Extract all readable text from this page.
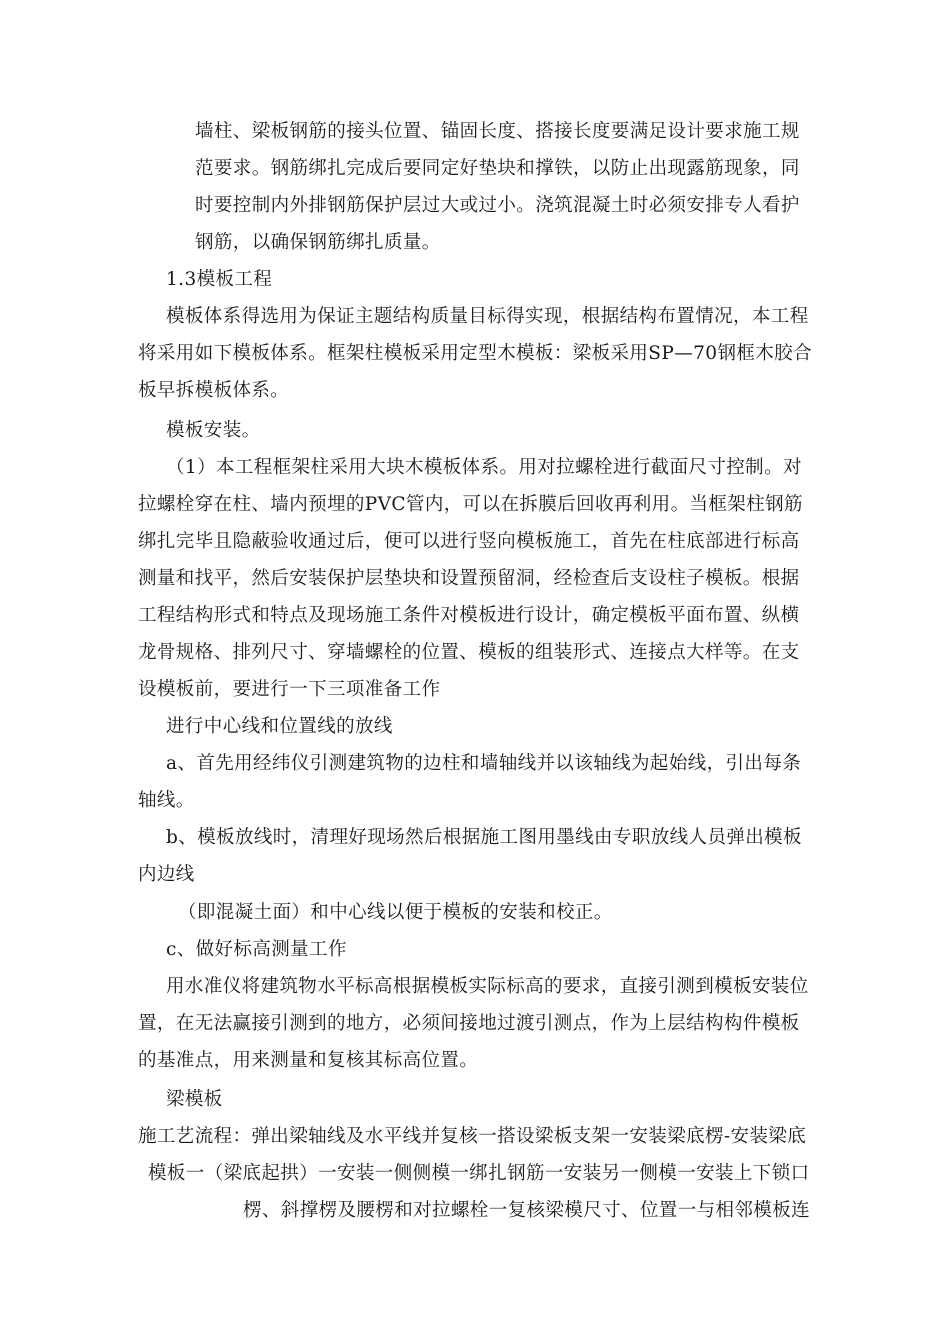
墙柱、梁板钢筋的接头位置、锚固长度、搭接长度要满足设计要求施工规
范要求。钢筋绑扎完成后要同定好垫块和撑铁，以防止出现露筋现象，同
时要控制内外排钢筋保护层过大或过小。浇筑混凝土时必须安排专人看护
钢筋，以确保钢筋绑扎质量。
1.3模板工程
模板体系得选用为保证主题结构质量目标得实现，根据结构布置情况，本工程
将采用如下模板体系。框架柱模板采用定型木模板：梁板采用SP—70钢框木胶合
板早拆模板体系。
模板安装。
（1）本工程框架柱采用大块木模板体系。用对拉螺栓进行截面尺寸控制。对
拉螺栓穿在柱、墙内预埋的PVC管内，可以在拆膜后回收再利用。当框架柱钢筋
绑扎完毕且隐蔽验收通过后，便可以进行竖向模板施工，首先在柱底部进行标高
测量和找平，然后安装保护层垫块和设置预留洞，经检查后支设柱子模板。根据
工程结构形式和特点及现场施工条件对模板进行设计，确定模板平面布置、纵横
龙骨规格、排列尺寸、穿墙螺栓的位置、模板的组装形式、连接点大样等。在支
设模板前，要进行一下三项准备工作
进行中心线和位置线的放线
a、首先用经纬仪引测建筑物的边柱和墙轴线并以该轴线为起始线，引出每条
轴线。
b、模板放线时，清理好现场然后根据施工图用墨线由专职放线人员弹出模板
内边线
（即混凝土面）和中心线以便于模板的安装和校正。
c、做好标高测量工作
用水准仪将建筑物水平标高根据模板实际标高的要求，直接引测到模板安装位
置，在无法赢接引测到的地方，必须间接地过渡引测点，作为上层结构构件模板
的基准点，用来测量和复核其标高位置。
梁模板
施工艺流程：弹出梁轴线及水平线并复核一搭设梁板支架一安装梁底楞-安装梁底
模板一（梁底起拱）一安装一侧侧模一绑扎钢筋一安装另一侧模一安装上下锁口
楞、斜撑楞及腰楞和对拉螺栓一复核梁模尺寸、位置一与相邻模板连
